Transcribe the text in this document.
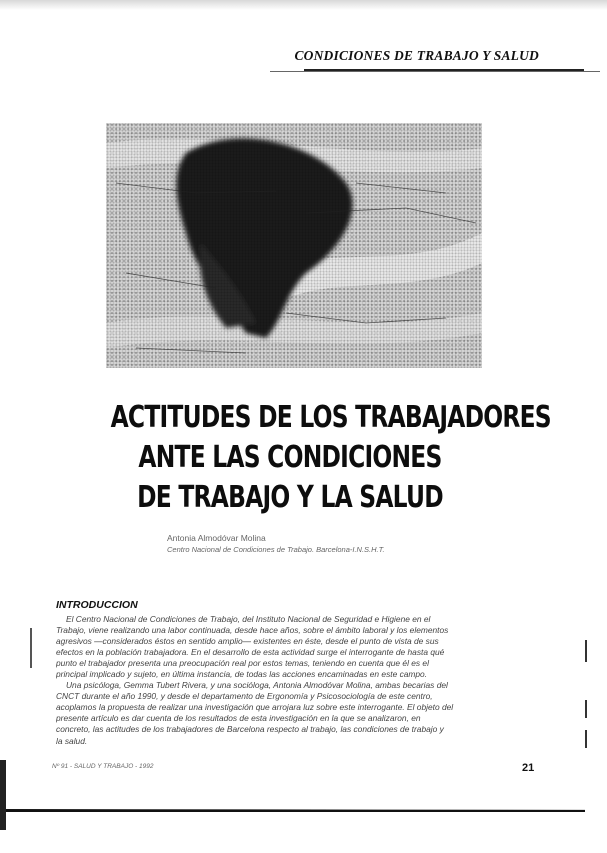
CONDICIONES DE TRABAJO Y SALUD
ACTITUDES DE LOS TRABAJADORES
ANTE LAS CONDICIONES
DE TRABAJO Y LA SALUD
Antonia Almodóvar Molina
Centro Nacional de Condiciones de Trabajo. Barcelona-I.N.S.H.T.
INTRODUCCION
El Centro Nacional de Condiciones de Trabajo, del Instituto Nacional de Seguridad e Higiene en el
Trabajo, viene realizando una labor continuada, desde hace años, sobre el ámbito laboral y los elementos
agresivos —considerados éstos en sentido amplio— existentes en éste, desde el punto de vista de sus
efectos en la población trabajadora. En el desarrollo de esta actividad surge el interrogante de hasta qué
punto el trabajador presenta una preocupación real por estos temas, teniendo en cuenta que él es el
principal implicado y sujeto, en última instancia, de todas las acciones encaminadas en este campo.
Una psicóloga, Gemma Tubert Rivera, y una socióloga, Antonia Almodóvar Molina, ambas becarias del
CNCT durante el año 1990, y desde el departamento de Ergonomía y Psicosociología de este centro,
acoplamos la propuesta de realizar una investigación que arrojara luz sobre este interrogante. El objeto del
presente artículo es dar cuenta de los resultados de esta investigación en la que se analizaron, en
concreto, las actitudes de los trabajadores de Barcelona respecto al trabajo, las condiciones de trabajo y
la salud.
Nº 91 - SALUD Y TRABAJO - 1992	21
